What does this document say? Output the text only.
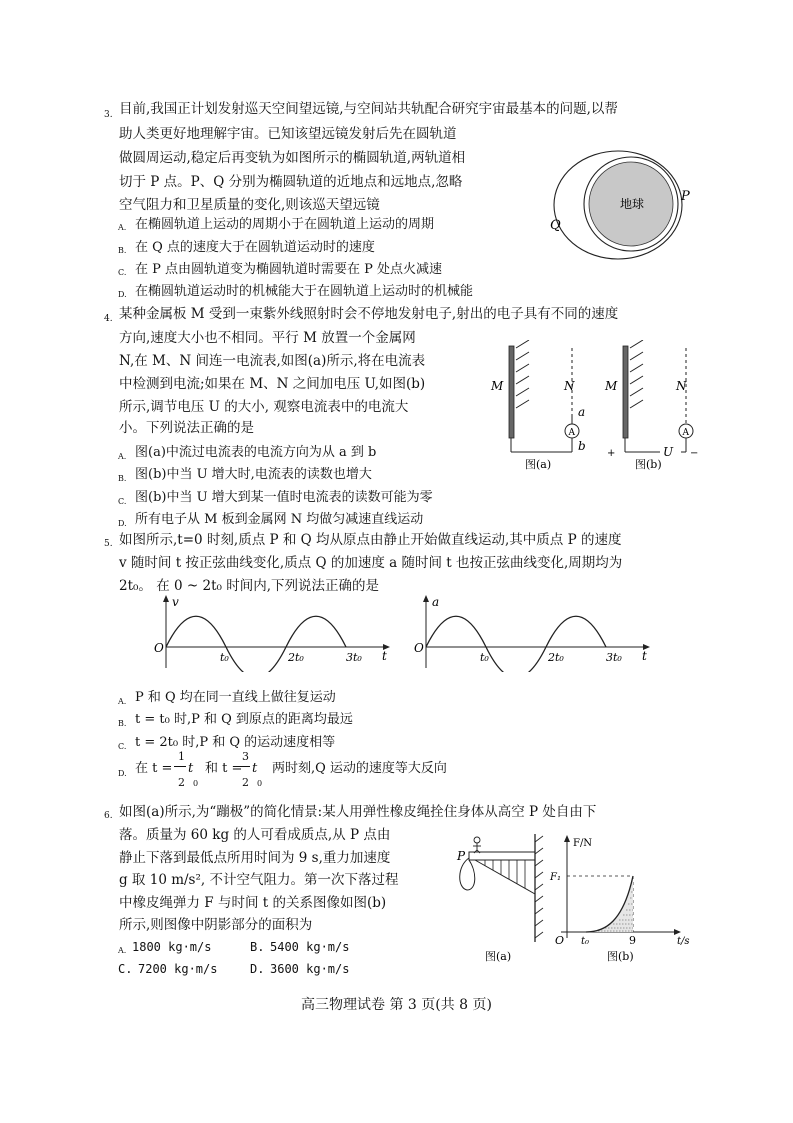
3. 目前,我国正计划发射巡天空间望远镜,与空间站共轨配合研究宇宙最基本的问题,以帮
助人类更好地理解宇宙。已知该望远镜发射后先在圆轨道
做圆周运动,稳定后再变轨为如图所示的椭圆轨道,两轨道相
切于 P 点。P、Q 分别为椭圆轨道的近地点和远地点,忽略
空气阻力和卫星质量的变化,则该巡天望远镜
A. 在椭圆轨道上运动的周期小于在圆轨道上运动的周期
B. 在 Q 点的速度大于在圆轨道运动时的速度
C. 在 P 点由圆轨道变为椭圆轨道时需要在 P 处点火减速
D. 在椭圆轨道运动时的机械能大于在圆轨道上运动时的机械能
地球	P
Q
4. 某种金属板 M 受到一束紫外线照射时会不停地发射电子,射出的电子具有不同的速度
方向,速度大小也不相同。平行 M 放置一个金属网
N,在 M、N 间连一电流表,如图(a)所示,将在电流表
中检测到电流;如果在 M、N 之间加电压 U,如图(b)
所示,调节电压 U 的大小, 观察电流表中的电流大
小。下列说法正确的是
A. 图(a)中流过电流表的电流方向为从 a 到 b
B. 图(b)中当 U 增大时,电流表的读数也增大
C. 图(b)中当 U 增大到某一值时电流表的读数可能为零
D. 所有电子从 M 板到金属网 N 均做匀减速直线运动
A
M	N
a
b
图(a)
+	U −
A
M	N
图(b)
5. 如图所示,t=0 时刻,质点 P 和 Q 均从原点由静止开始做直线运动,其中质点 P 的速度
v 随时间 t 按正弦曲线变化,质点 Q 的加速度 a 随时间 t 也按正弦曲线变化,周期均为
2t₀。 在 0 ~ 2t₀ 时间内,下列说法正确的是
v
O
t
t₀	2t₀	3t₀
a
O
t
t₀	2t₀	3t₀
A. P 和 Q 均在同一直线上做往复运动
B. t = t₀ 时,P 和 Q 到原点的距离均最远
C. t = 2t₀ 时,P 和 Q 的运动速度相等
D. 在 t =
1
2
t
0
和 t =
3
2
t
0
两时刻,Q 运动的速度等大反向
6. 如图(a)所示,为“蹦极”的简化情景:某人用弹性橡皮绳拴住身体从高空 P 处自由下
落。质量为 60 kg 的人可看成质点,从 P 点由
静止下落到最低点所用时间为 9 s,重力加速度
g 取 10 m/s², 不计空气阻力。第一次下落过程
中橡皮绳弹力 F 与时间 t 的关系图像如图(b)
所示,则图像中阴影部分的面积为
A. 1800 kg·m/s	B. 5400 kg·m/s
C. 7200 kg·m/s	D. 3600 kg·m/s
P
图(a)
F/N
F₁
O t₀	9	t/s
图(b)
高三物理试卷 第 3 页(共 8 页)
